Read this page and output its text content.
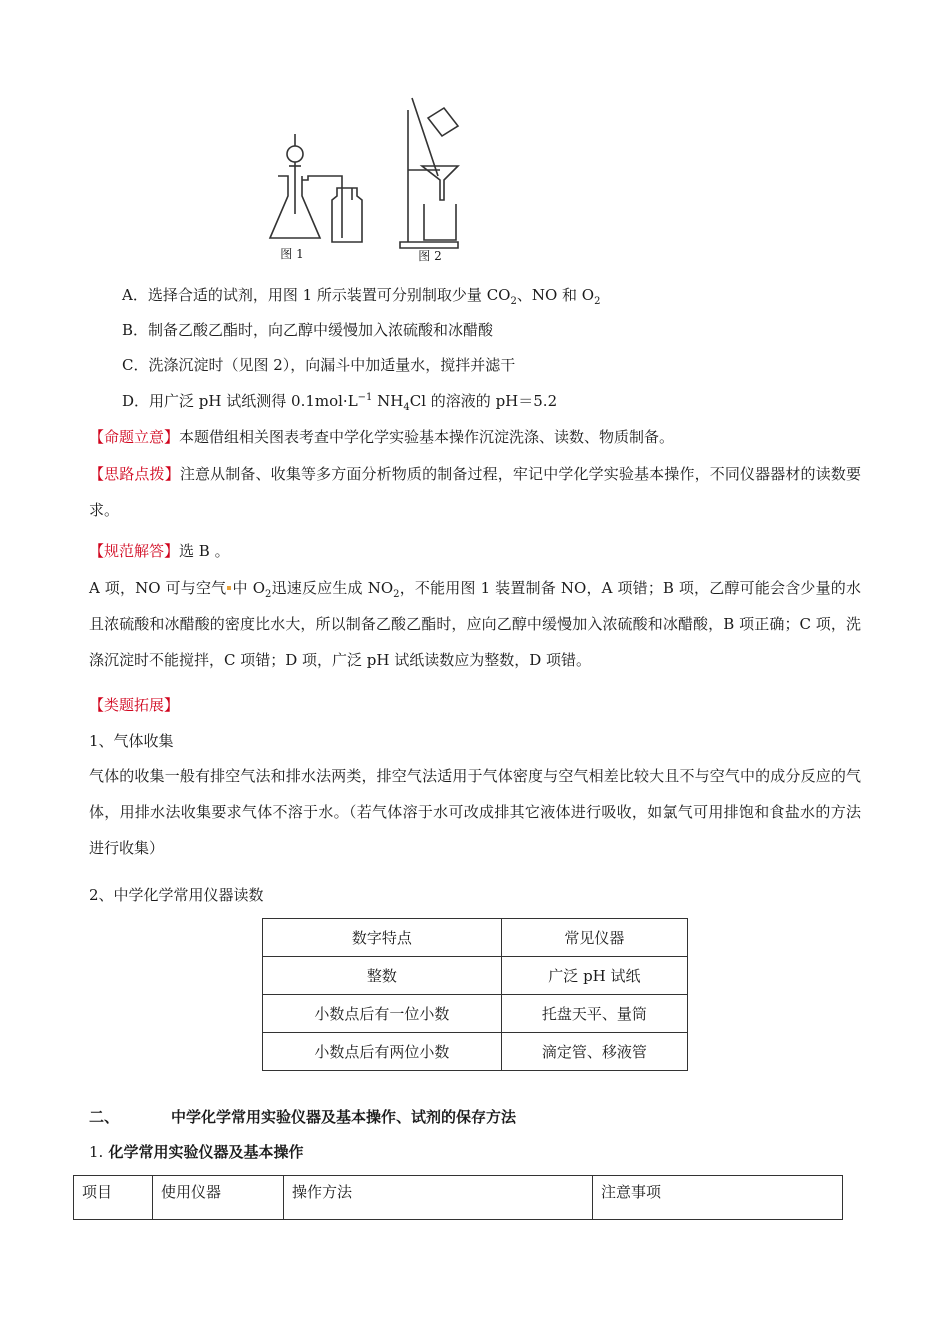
图 1	图 2
A．选择合适的试剂，用图 1 所示装置可分别制取少量 $CO_2$、NO 和 $O_2$
B．制备乙酸乙酯时，向乙醇中缓慢加入浓硫酸和冰醋酸
C．洗涤沉淀时（见图 2），向漏斗中加适量水，搅拌并滤干
D．用广泛 pH 试纸测得 $0.1mol\cdot L^{-1}$ $NH_4Cl$ 的溶液的 pH＝5.2
【命题立意】本题借组相关图表考查中学化学实验基本操作沉淀洗涤、读数、物质制备。
【思路点拨】注意从制备、收集等多方面分析物质的制备过程，牢记中学化学实验基本操作，不同仪器器材的读数要求。
【规范解答】选 B 。
A 项，NO 可与空气 中 $O_2$迅速反应生成 $NO_2$，不能用图 1 装置制备 NO，A 项错；B 项，乙醇可能会含少量的水且浓硫酸和冰醋酸的密度比水大，所以制备乙酸乙酯时，应向乙醇中缓慢加入浓硫酸和冰醋酸，B 项正确；C 项，洗涤沉淀时不能搅拌，C 项错；D 项，广泛 pH 试纸读数应为整数，D 项错。
【类题拓展】
1、气体收集
气体的收集一般有排空气法和排水法两类，排空气法适用于气体密度与空气相差比较大且不与空气中的成分反应的气体，用排水法收集要求气体不溶于水。（若气体溶于水可改成排其它液体进行吸收，如氯气可用排饱和食盐水的方法进行收集）
2、中学化学常用仪器读数
数字特点	常见仪器
整数	广泛 pH 试纸
小数点后有一位小数	托盘天平、量筒
小数点后有两位小数	滴定管、移液管
二、	中学化学常用实验仪器及基本操作、试剂的保存方法
1. 化学常用实验仪器及基本操作
项目	使用仪器	操作方法	注意事项
